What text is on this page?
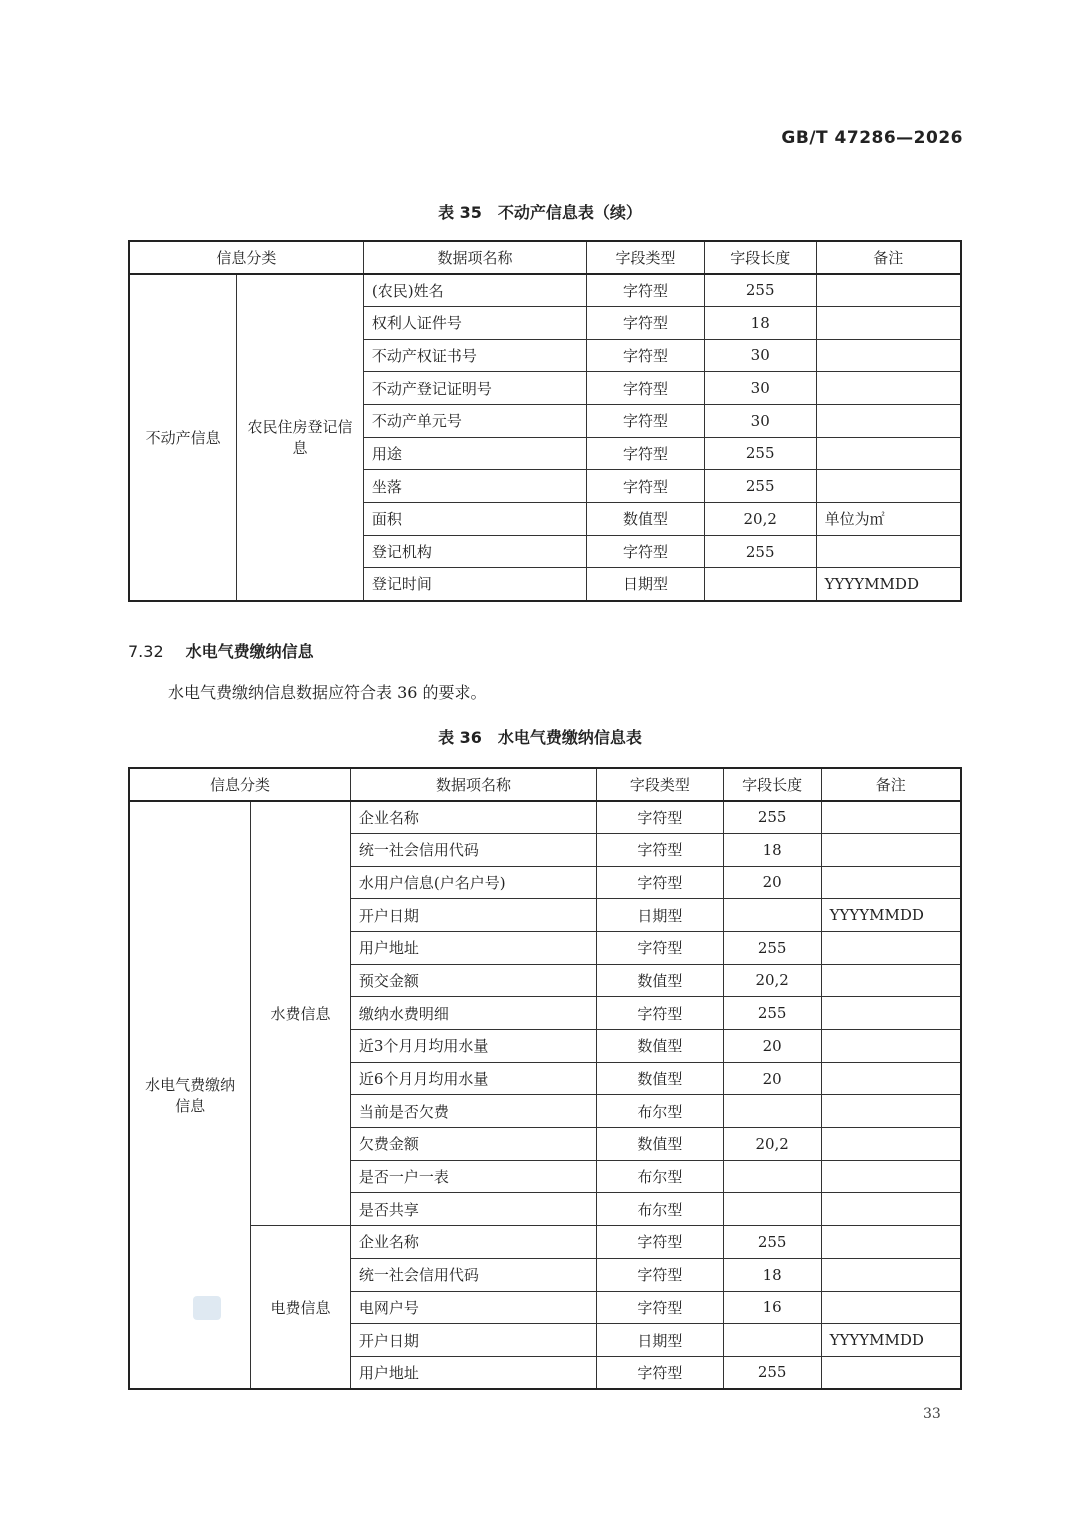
GB/T 47286—2026
表 35　不动产信息表（续）
信息分类		数据项名称	字段类型	字段长度	备注
不动产信息	农民住房登记信息	(农民)姓名	字符型	255	
		权利人证件号	字符型	18	
		不动产权证书号	字符型	30	
		不动产登记证明号	字符型	30	
		不动产单元号	字符型	30	
		用途	字符型	255	
		坐落	字符型	255	
		面积	数值型	20,2	单位为㎡
		登记机构	字符型	255	
		登记时间	日期型		YYYYMMDD
7.32 水电气费缴纳信息
水电气费缴纳信息数据应符合表 36 的要求。
表 36　水电气费缴纳信息表
信息分类		数据项名称	字段类型	字段长度	备注
水电气费缴纳信息	水费信息	企业名称	字符型	255	
		统一社会信用代码	字符型	18	
		水用户信息(户名户号)	字符型	20	
		开户日期	日期型		YYYYMMDD
		用户地址	字符型	255	
		预交金额	数值型	20,2	
		缴纳水费明细	字符型	255	
		近3个月月均用水量	数值型	20	
		近6个月月均用水量	数值型	20	
		当前是否欠费	布尔型		
		欠费金额	数值型	20,2	
		是否一户一表	布尔型		
		是否共享	布尔型		
	电费信息	企业名称	字符型	255	
		统一社会信用代码	字符型	18	
		电网户号	字符型	16	
		开户日期	日期型		YYYYMMDD
		用户地址	字符型	255	
33
